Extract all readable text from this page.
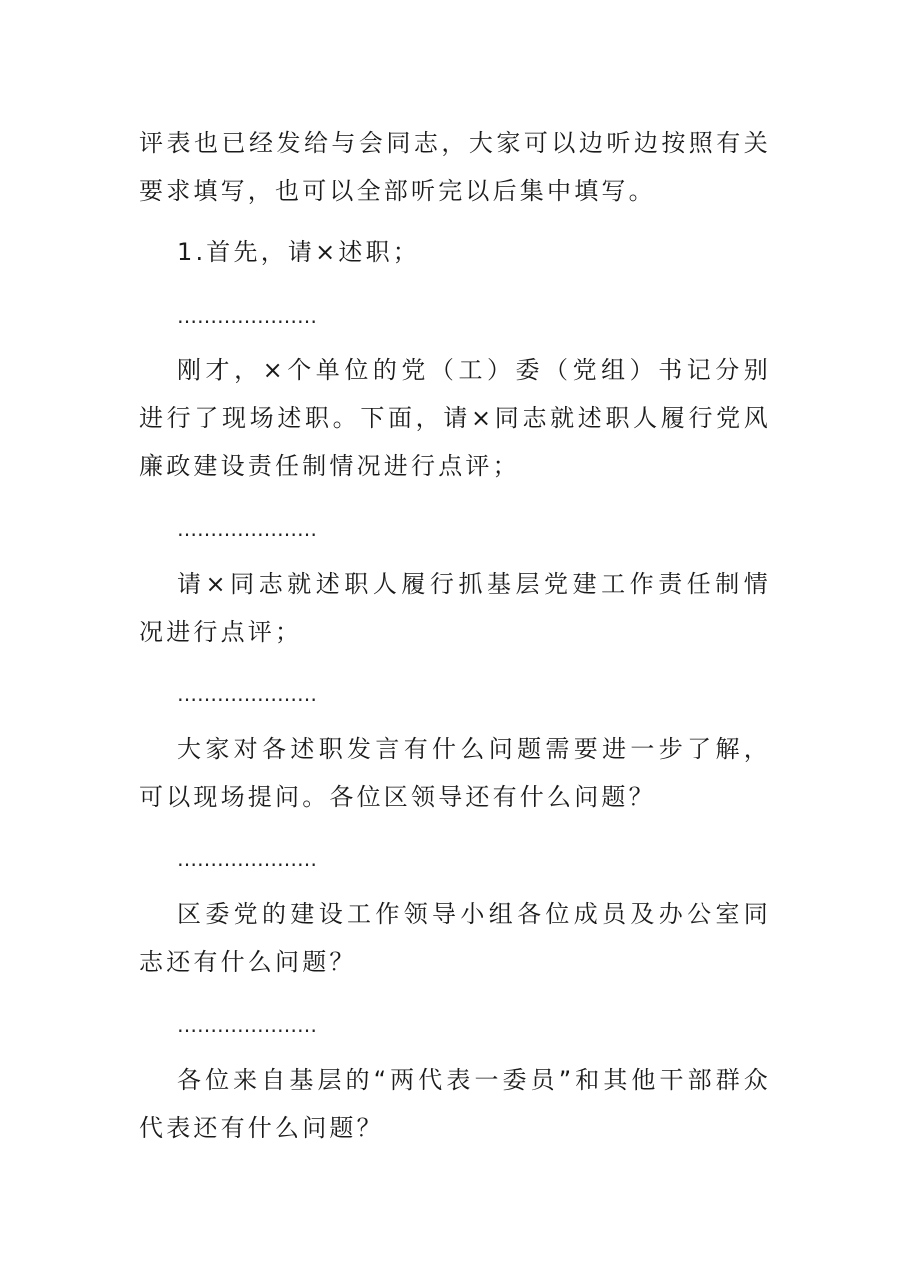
评表也已经发给与会同志，大家可以边听边按照有关要求填写，也可以全部听完以后集中填写。

1.首先，请×述职；

…………………

刚才，×个单位的党（工）委（党组）书记分别进行了现场述职。下面，请×同志就述职人履行党风廉政建设责任制情况进行点评；

…………………

请×同志就述职人履行抓基层党建工作责任制情况进行点评；

…………………

大家对各述职发言有什么问题需要进一步了解，可以现场提问。各位区领导还有什么问题？

…………………

区委党的建设工作领导小组各位成员及办公室同志还有什么问题？

…………………

各位来自基层的“两代表一委员”和其他干部群众代表还有什么问题？
